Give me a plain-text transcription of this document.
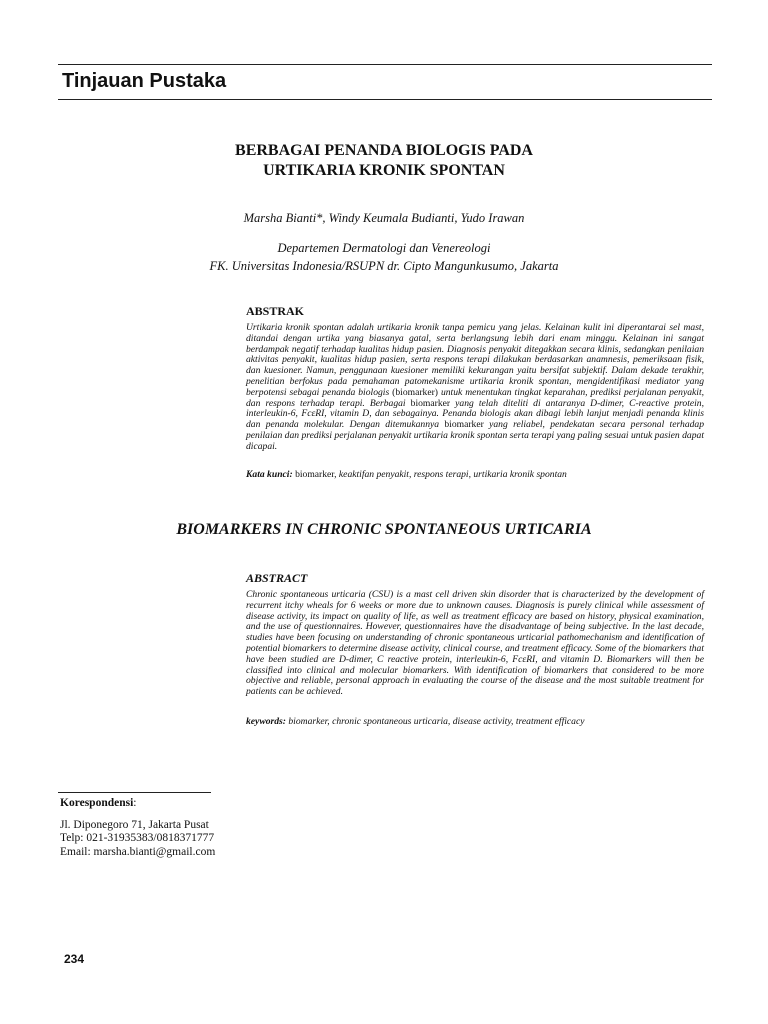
Tinjauan Pustaka
BERBAGAI PENANDA BIOLOGIS PADA
URTIKARIA KRONIK SPONTAN
Marsha Bianti*, Windy Keumala Budianti, Yudo Irawan
Departemen Dermatologi dan Venereologi
FK. Universitas Indonesia/RSUPN dr. Cipto Mangunkusumo, Jakarta
ABSTRAK
Urtikaria kronik spontan adalah urtikaria kronik tanpa pemicu yang jelas. Kelainan kulit ini diperantarai sel mast, ditandai dengan urtika yang biasanya gatal, serta berlangsung lebih dari enam minggu. Kelainan ini sangat berdampak negatif terhadap kualitas hidup pasien. Diagnosis penyakit ditegakkan secara klinis, sedangkan penilaian aktivitas penyakit, kualitas hidup pasien, serta respons terapi dilakukan berdasarkan anamnesis, pemeriksaan fisik, dan kuesioner. Namun, penggunaan kuesioner memiliki kekurangan yaitu bersifat subjektif. Dalam dekade terakhir, penelitian berfokus pada pemahaman patomekanisme urtikaria kronik spontan, mengidentifikasi mediator yang berpotensi sebagai penanda biologis (biomarker) untuk menentukan tingkat keparahan, prediksi perjalanan penyakit, dan respons terhadap terapi. Berbagai biomarker yang telah diteliti di antaranya D-dimer, C-reactive protein, interleukin-6, FcεRI, vitamin D, dan sebagainya. Penanda biologis akan dibagi lebih lanjut menjadi penanda klinis dan penanda molekular. Dengan ditemukannya biomarker yang reliabel, pendekatan secara personal terhadap penilaian dan prediksi perjalanan penyakit urtikaria kronik spontan serta terapi yang paling sesuai untuk pasien dapat dicapai.
Kata kunci: biomarker, keaktifan penyakit, respons terapi, urtikaria kronik spontan
BIOMARKERS IN CHRONIC SPONTANEOUS URTICARIA
ABSTRACT
Chronic spontaneous urticaria (CSU) is a mast cell driven skin disorder that is characterized by the development of recurrent itchy wheals for 6 weeks or more due to unknown causes. Diagnosis is purely clinical while assessment of disease activity, its impact on quality of life, as well as treatment efficacy are based on history, physical examination, and the use of questionnaires. However, questionnaires have the disadvantage of being subjective. In the last decade, studies have been focusing on understanding of chronic spontaneous urticarial pathomechanism and identification of potential biomarkers to determine disease activity, clinical course, and treatment efficacy. Some of the biomarkers that have been studied are D-dimer, C reactive protein, interleukin-6, FcεRI, and vitamin D. Biomarkers will then be classified into clinical and molecular biomarkers. With identification of biomarkers that considered to be more objective and reliable, personal approach in evaluating the course of the disease and the most suitable treatment for patients can be achieved.
keywords: biomarker, chronic spontaneous urticaria, disease activity, treatment efficacy
Korespondensi:
Jl. Diponegoro 71, Jakarta Pusat
Telp: 021-31935383/0818371777
Email: marsha.bianti@gmail.com
234
